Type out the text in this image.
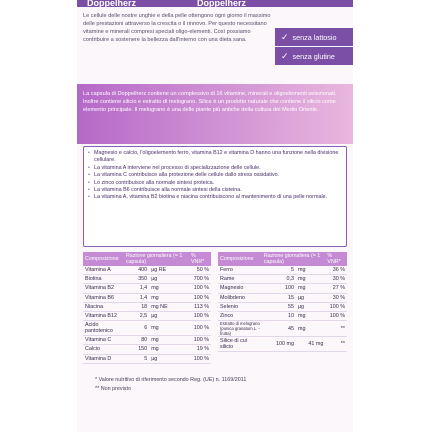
Doppelherz	Doppelherz
Le cellule delle nostre unghie e della pelle ottengono ogni giorno il massimo delle prestazioni attraverso la crescita o il rinnovo. Per questo necessitano vitamine e minerali compresi speciali oligo-elementi. Così possiamo contribuire a sostenere la bellezza dall'interno con una dieta sana.	✓ senza lattosio
✓ senza glutine

La capsula di Doppelherz contiene un complessivo di 16 vitamine, minerali e oligoelementi selezionati. Inoltre contiene silicio e estratto di melograno. Silice è un prodotto naturale che contiene il silicio come elemento principale. Il melograno è una delle piante più antiche della cultura del Medio Oriente.

• Magnesio e calcio, l'oligoelemento ferro, vitamina B12 e vitamina D hanno una funzione nella divisione cellulare.
• La vitamina A interviene nel processo di specializzazione delle cellule.
• La vitamina C contribuisce alla protezione delle cellule dallo stress ossidativo.
• Lo zinco contribuisce alla normale sintesi proteica.
• La vitamina B6 contribuisce alla normale sintesi della cisteina.
• La vitamina A, vitamina B2 biotina e niacina contribuiscono al mantenimento di una pelle normale.
Composizione	Razione giornaliera (= 1 capsula)		% VNR*
Vitamina A	400	µg RE	50 %
Biotina	350	µg	700 %
Vitamina B2	1,4	mg	100 %
Vitamina B6	1,4	mg	100 %
Niacina	18	mg NE	113 %
Vitamina B12	2,5	µg	100 %
Acido pantotenico	6	mg	100 %
Vitamina C	80	mg	100 %
Calcio	150	mg	19 %
Vitamina D	5	µg	100 %
Composizione	Razione giornaliera (= 1 capsula)		% VNR*
Ferro	5	mg	36 %
Rame	0,3	mg	30 %
Magnesio	100	mg	27 %
Molibdeno	15	µg	30 %
Selenio	55	µg	100 %
Zinco	10	mg	100 %
Estratto di melograno (punica granatum L. - frutta)	45	mg	**
Silice di cui silicio	100 mg	41 mg	**
* Valore nutritivo di riferimento secondo Reg. (UE) n. 1169/2011
** Non previsto
